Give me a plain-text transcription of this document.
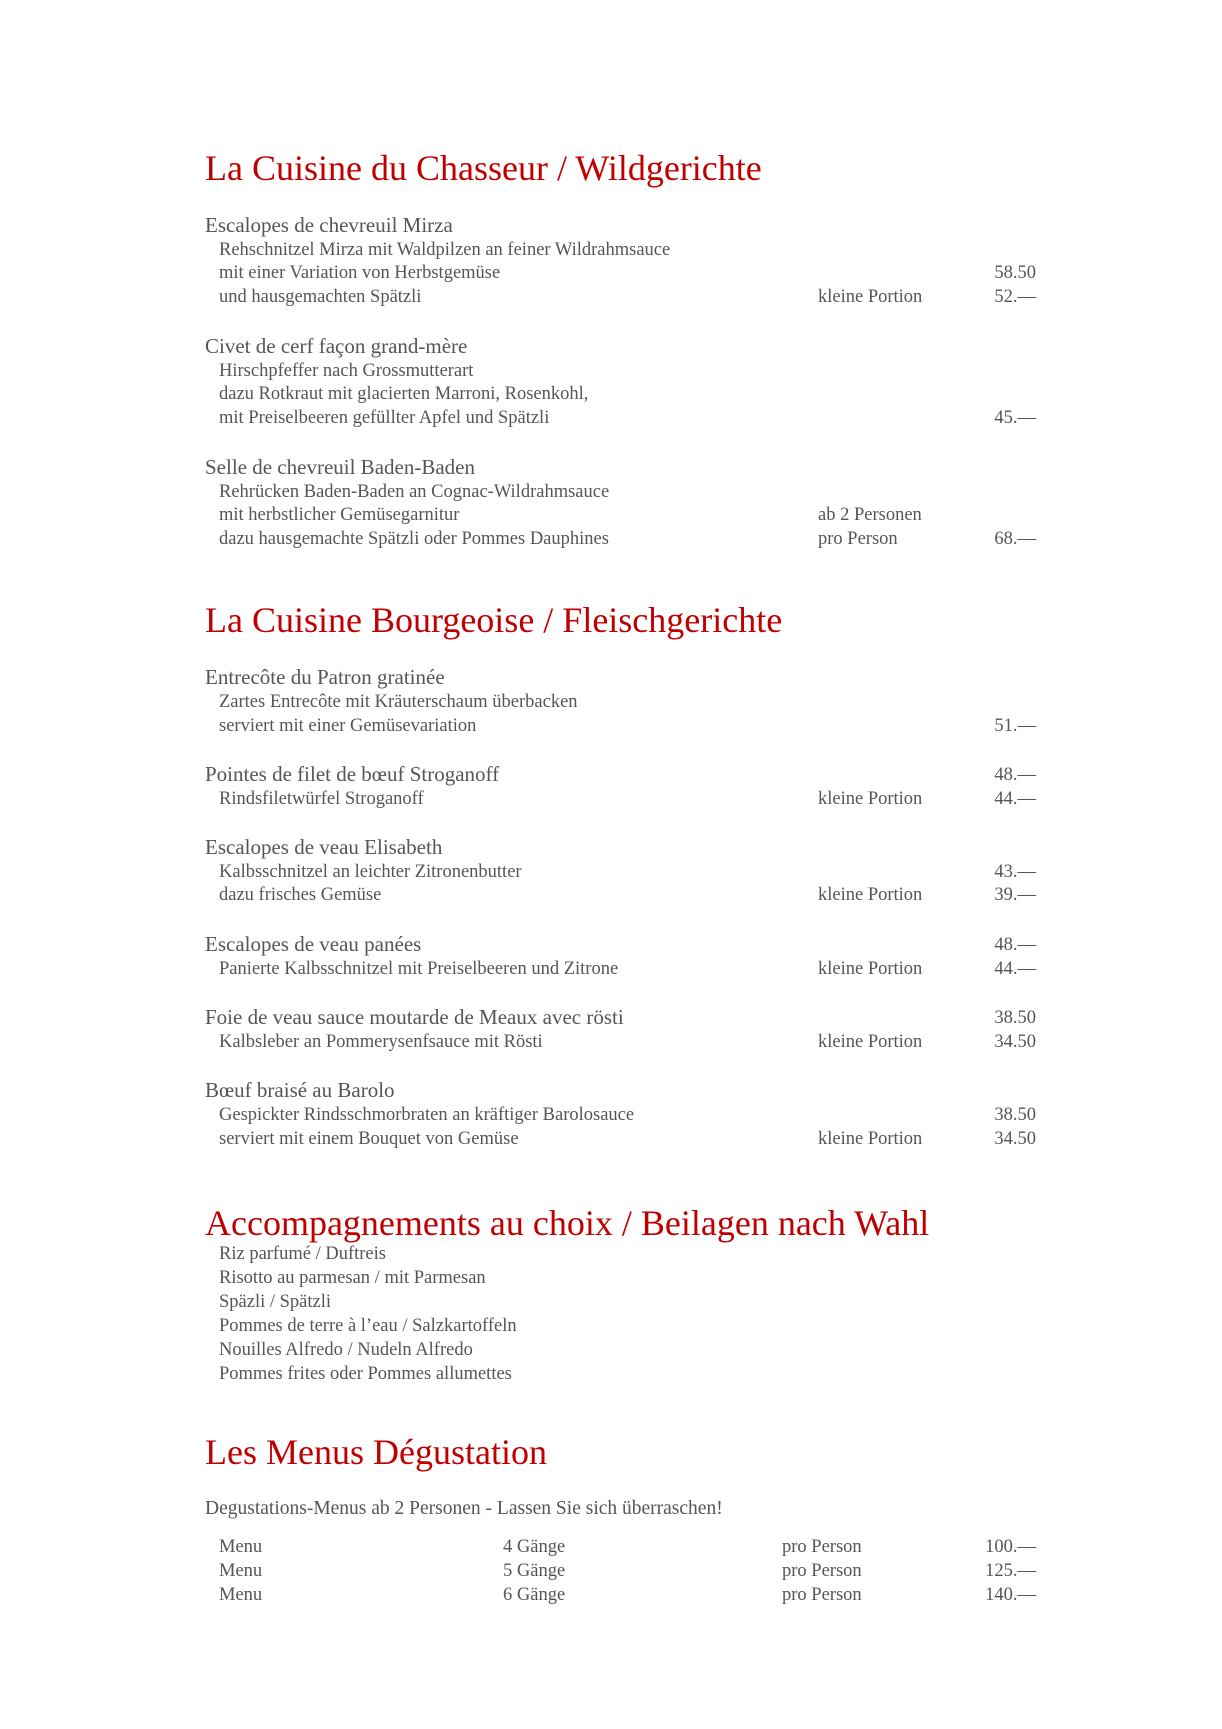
La Cuisine du Chasseur / Wildgerichte
Escalopes de chevreuil Mirza
Rehschnitzel Mirza mit Waldpilzen an feiner Wildrahmsauce
mit einer Variation von Herbstgemüse	58.50
und hausgemachten Spätzli	kleine Portion	52.—
Civet de cerf façon grand-mère
Hirschpfeffer nach Grossmutterart
dazu Rotkraut mit glacierten Marroni, Rosenkohl,
mit Preiselbeeren gefüllter Apfel und Spätzli	45.—
Selle de chevreuil Baden-Baden
Rehrücken Baden-Baden an Cognac-Wildrahmsauce
mit herbstlicher Gemüsegarnitur	ab 2 Personen
dazu hausgemachte Spätzli oder Pommes Dauphines	pro Person	68.—
La Cuisine Bourgeoise / Fleischgerichte
Entrecôte du Patron gratinée
Zartes Entrecôte mit Kräuterschaum überbacken
serviert mit einer Gemüsevariation	51.—
Pointes de filet de bœuf Stroganoff	48.—
Rindsfiletwürfel Stroganoff	kleine Portion	44.—
Escalopes de veau Elisabeth
Kalbsschnitzel an leichter Zitronenbutter	43.—
dazu frisches Gemüse	kleine Portion	39.—
Escalopes de veau panées	48.—
Panierte Kalbsschnitzel mit Preiselbeeren und Zitrone	kleine Portion	44.—
Foie de veau sauce moutarde de Meaux avec rösti	38.50
Kalbsleber an Pommerysenfsauce mit Rösti	kleine Portion	34.50
Bœuf braisé au Barolo
Gespickter Rindsschmorbraten an kräftiger Barolosauce	38.50
serviert mit einem Bouquet von Gemüse	kleine Portion	34.50
Accompagnements au choix / Beilagen nach Wahl
Riz parfumé / Duftreis
Risotto au parmesan / mit Parmesan
Späzli / Spätzli
Pommes de terre à l’eau / Salzkartoffeln
Nouilles Alfredo / Nudeln Alfredo
Pommes frites oder Pommes allumettes
Les Menus Dégustation
Degustations-Menus ab 2 Personen - Lassen Sie sich überraschen!
Menu	4 Gänge	pro Person	100.—
Menu	5 Gänge	pro Person	125.—
Menu	6 Gänge	pro Person	140.—
